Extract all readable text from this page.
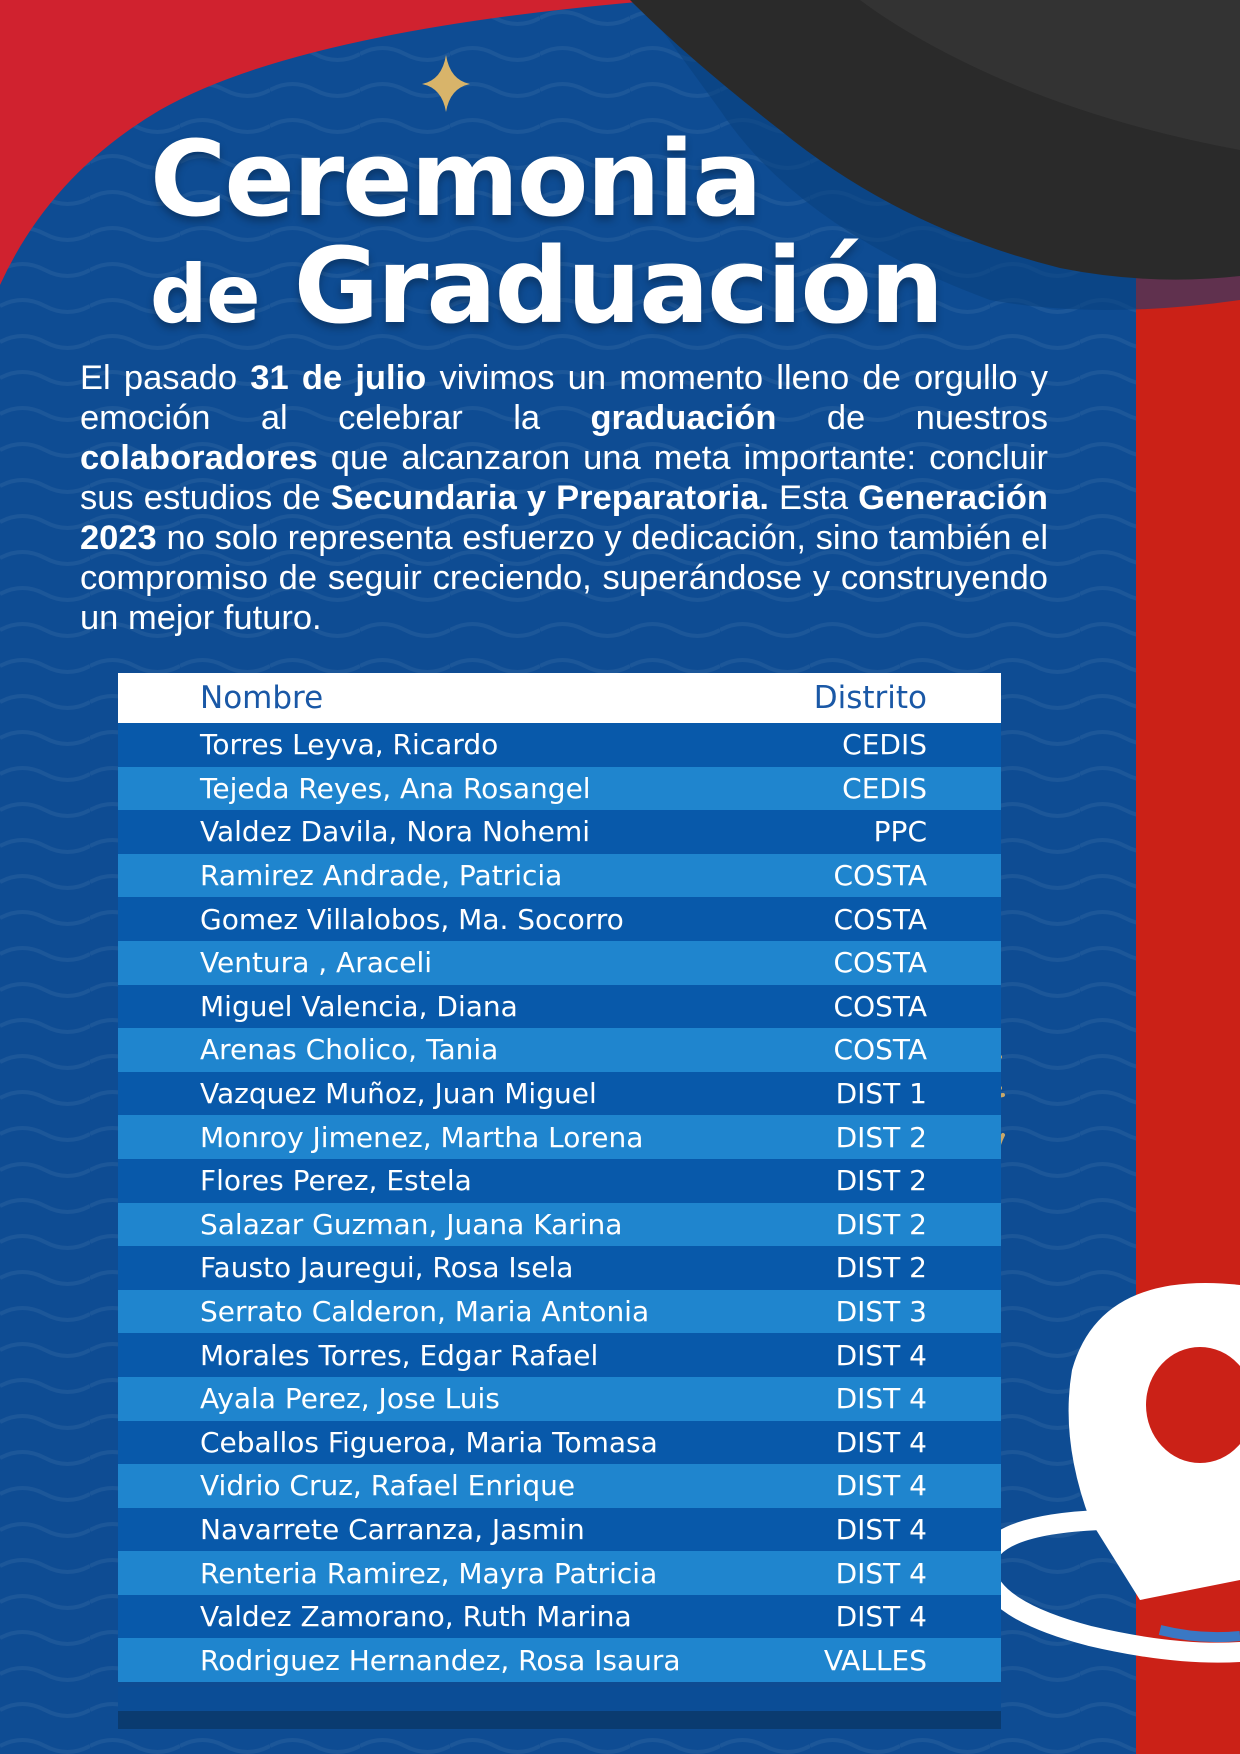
Ceremonia
de Graduación

El pasado 31 de julio vivimos un momento lleno de orgullo y emoción al celebrar la graduación de nuestros colaboradores que alcanzaron una meta importante: concluir sus estudios de Secundaria y Preparatoria. Esta Generación 2023 no solo representa esfuerzo y dedicación, sino también el compromiso de seguir creciendo, superándose y construyendo un mejor futuro.

Nombre	Distrito
Torres Leyva, Ricardo	CEDIS
Tejeda Reyes, Ana Rosangel	CEDIS
Valdez Davila, Nora Nohemi	PPC
Ramirez Andrade, Patricia	COSTA
Gomez Villalobos, Ma. Socorro	COSTA
Ventura , Araceli	COSTA
Miguel Valencia, Diana	COSTA
Arenas Cholico, Tania	COSTA
Vazquez Muñoz, Juan Miguel	DIST 1
Monroy Jimenez, Martha Lorena	DIST 2
Flores Perez, Estela	DIST 2
Salazar Guzman, Juana Karina	DIST 2
Fausto Jauregui, Rosa Isela	DIST 2
Serrato Calderon, Maria Antonia	DIST 3
Morales Torres, Edgar Rafael	DIST 4
Ayala Perez, Jose Luis	DIST 4
Ceballos Figueroa, Maria Tomasa	DIST 4
Vidrio Cruz, Rafael Enrique	DIST 4
Navarrete Carranza, Jasmin	DIST 4
Renteria Ramirez, Mayra Patricia	DIST 4
Valdez Zamorano, Ruth Marina	DIST 4
Rodriguez Hernandez, Rosa Isaura	VALLES
